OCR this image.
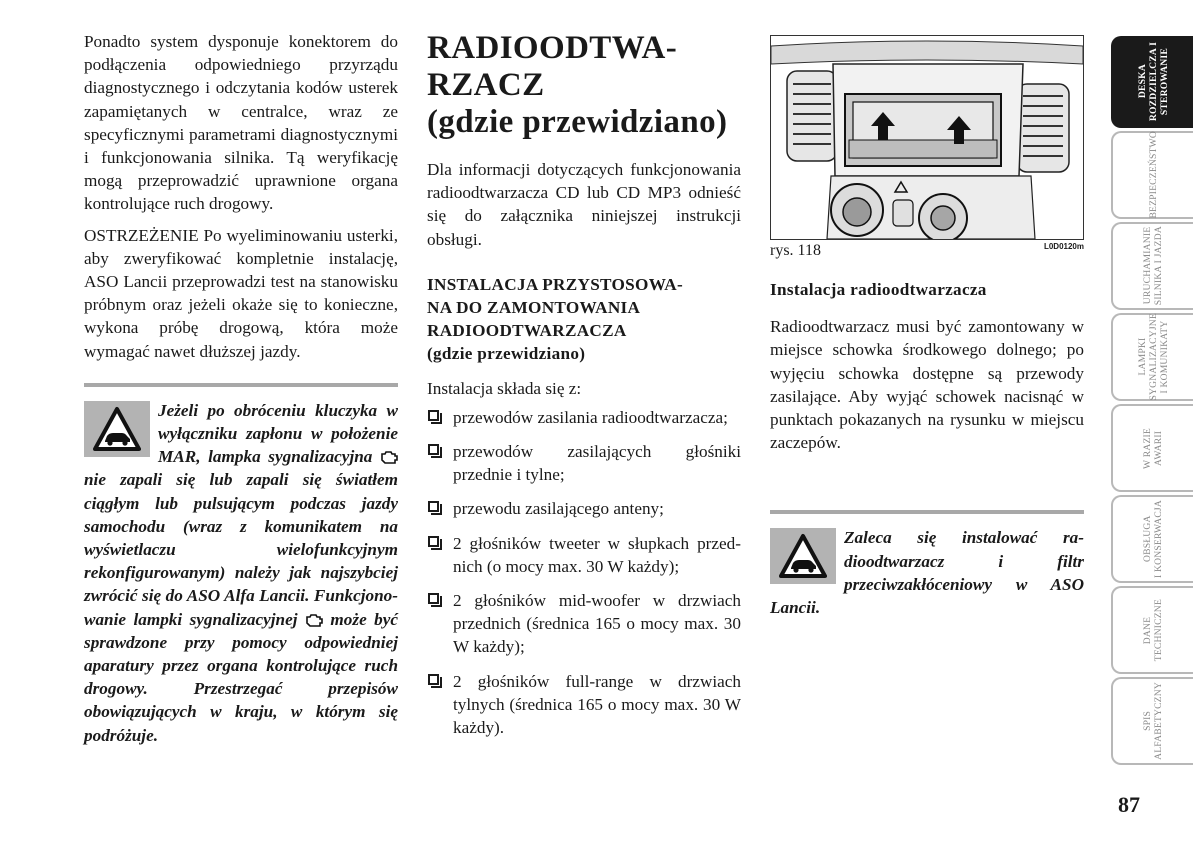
Ponadto system dysponuje konektorem do podłączenia odpowiedniego przyrządu diagnostycznego i odczytania kodów usterek zapamiętanych w centralce, wraz ze specyficznymi parametrami diagnostycznymi i funkcjonowania silnika. Tą weryfikację mogą przeprowadzić uprawnione organa kontrolujące ruch drogowy.

OSTRZEŻENIE Po wyeliminowaniu usterki, aby zweryfikować kompletnie instalację, ASO Lancii przeprowadzi test na stanowisku próbnym oraz jeżeli okaże się to konieczne, wykona próbę drogową, która może wymagać nawet dłuższej jazdy.

Jeżeli po obróceniu kluczyka w wyłączniku zapłonu w położenie MAR, lampka sygnalizacyjna  nie zapali się lub zapali się światłem ciągłym lub pulsującym podczas jazdy samochodu (wraz z komunikatem na wyświetlaczu wielofunkcyjnym rekonfigurowanym) należy jak najszybciej zwrócić się do ASO Alfa Lancii. Funkcjonowanie lampki sygnalizacyjnej może być sprawdzone przy pomocy odpowiedniej aparatury przez organa kontrolujące ruch drogowy. Przestrzegać przepisów obowiązujących w kraju, w którym się podróżuje.
RADIOODTWA-
RZACZ
(gdzie przewidziano)

Dla informacji dotyczących funkcjonowania radioodtwarzacza CD lub CD MP3 odnieść się do załącznika niniejszej instrukcji obsługi.

INSTALACJA PRZYSTOSOWA-
NA DO ZAMONTOWANIA
RADIOODTWARZACZA
(gdzie przewidziano)

Instalacja składa się z:

przewodów zasilania radioodtwarzacza;
przewodów zasilających głośniki przednie i tylne;
przewodu zasilającego anteny;
2 głośników tweeter w słupkach przednich (o mocy max. 30 W każdy);
2 głośników mid-woofer w drzwiach przednich (średnica 165 o mocy max. 30 W każdy);
2 głośników full-range w drzwiach tylnych (średnica 165 o mocy max. 30 W każdy).
rys. 118	L0D0120m
Instalacja radioodtwarzacza

Radioodtwarzacz musi być zamontowany w miejsce schowka środkowego dolnego; po wyjęciu schowka dostępne są przewody zasilające. Aby wyjąć schowek nacisnąć w punktach pokazanych na rysunku w miejscu zaczepów.

Zaleca się instalować radioodtwarzacz i filtr przeciwzakłóceniowy w ASO Lancii.
DESKA
ROZDZIELCZA I
STEROWANIE
BEZPIECZEŃSTWO
URUCHAMIANIE
SILNIKA I JAZDA
LAMPKI
SYGNALIZACYJNE
I KOMUNIKATY
W RAZIE
AWARII
OBSŁUGA
I KONSERWACJA
DANE
TECHNICZNE
SPIS
ALFABETYCZNY
87
